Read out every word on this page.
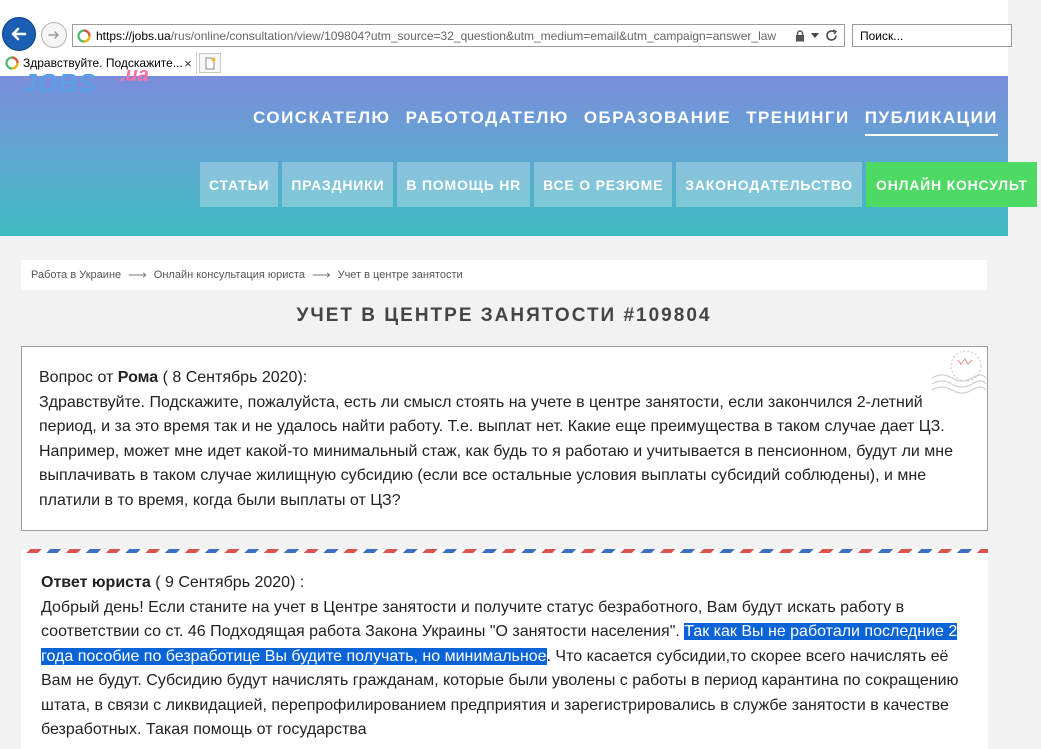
https://jobs.ua/rus/online/consultation/view/109804?utm_source=32_question&utm_medium=email&utm_campaign=answer_law	Поиск...
Здравствуйте. Подскажите... ×
JOBS .ua
СОИСКАТЕЛЮ РАБОТОДАТЕЛЮ ОБРАЗОВАНИЕ ТРЕНИНГИ ПУБЛИКАЦИИ
СТАТЬИ	ПРАЗДНИКИ	В ПОМОЩЬ HR	ВСЕ О РЕЗЮМЕ	ЗАКОНОДАТЕЛЬСТВО	ОНЛАЙН КОНСУЛЬТ
Работа в Украине ⟶ Онлайн консультация юриста ⟶ Учет в центре занятости
УЧЕТ В ЦЕНТРЕ ЗАНЯТОСТИ #109804
Вопрос от Рома ( 8 Сентябрь 2020):
Здравствуйте. Подскажите, пожалуйста, есть ли смысл стоять на учете в центре занятости, если закончился 2-летний период, и за это время так и не удалось найти работу. Т.е. выплат нет. Какие еще преимущества в таком случае дает ЦЗ. Например, может мне идет какой-то минимальный стаж, как будь то я работаю и учитывается в пенсионном, будут ли мне выплачивать в таком случае жилищную субсидию (если все остальные условия выплаты субсидий соблюдены), и мне платили в то время, когда были выплаты от ЦЗ?
Ответ юриста ( 9 Сентябрь 2020) :
Добрый день! Если станите на учет в Центре занятости и получите статус безработного, Вам будут искать работу в соответствии со ст. 46 Подходящая работа Закона Украины "О занятости населения". Так как Вы не работали последние 2 года пособие по безработице Вы будите получать, но минимальное. Что касается субсидии,то скорее всего начислять её Вам не будут. Субсидию будут начислять гражданам, которые были уволены с работы в период карантина по сокращению штата, в связи с ликвидацией, перепрофилированием предприятия и зарегистрировались в службе занятости в качестве безработных. Такая помощь от государства
